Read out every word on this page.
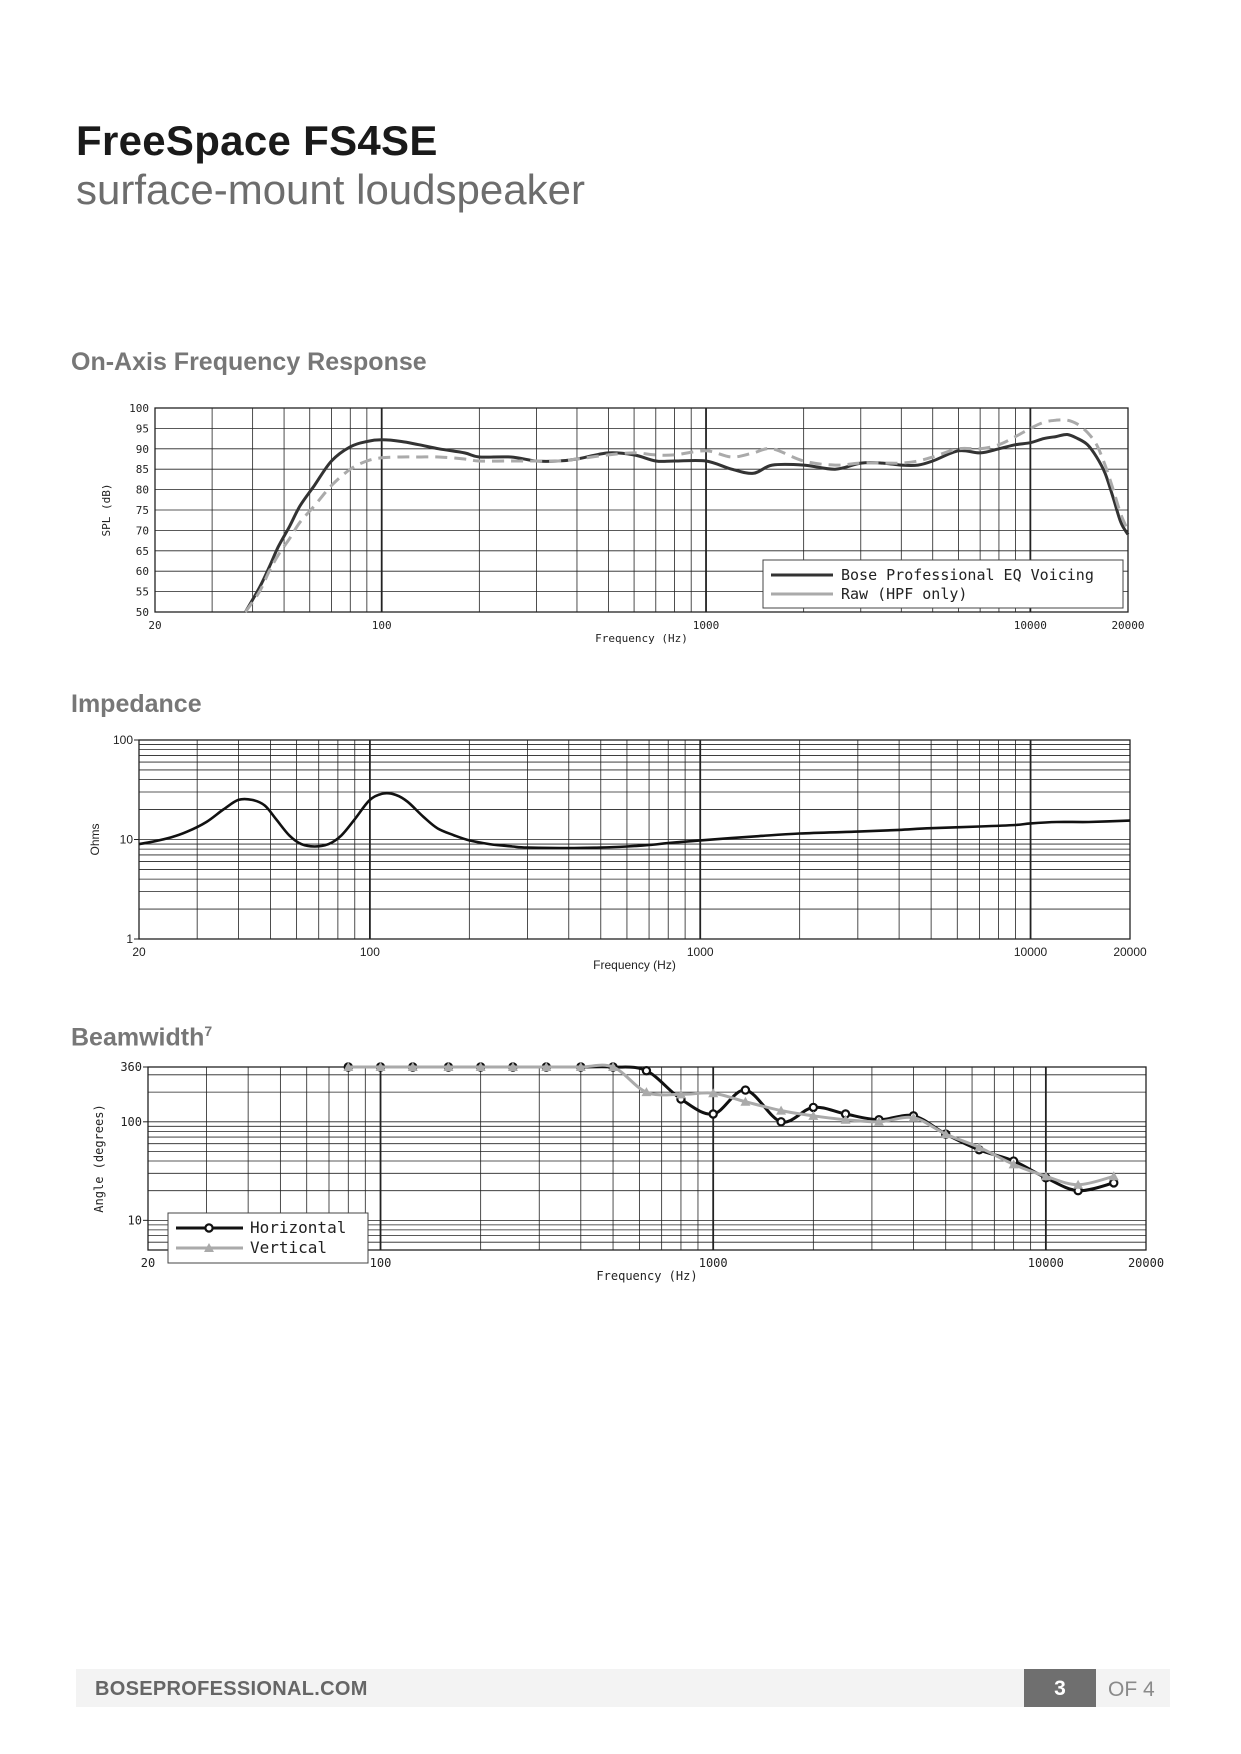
FreeSpace FS4SE
surface-mount loudspeaker
On-Axis Frequency Response
Impedance
Beamwidth$^7$
100
95
90
85
80
75
70
65
60
55
50
20	100	1000	10000	20000
Frequency (Hz)
SPL (dB)
Bose Professional EQ Voicing
Raw (HPF only)
100
10
1
20	100	1000	10000	20000
Frequency (Hz)
Ohms
360
100
10
20	100	1000	10000	20000
Frequency (Hz)
Angle (degrees)
Horizontal
Vertical
BOSEPROFESSIONAL.COM	3	OF 4
